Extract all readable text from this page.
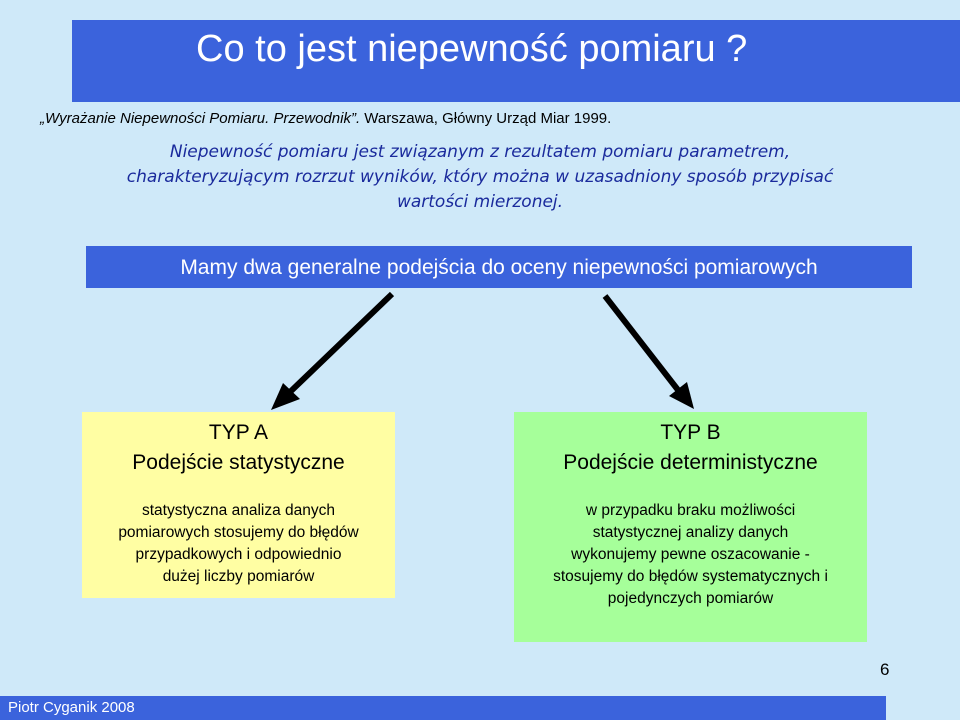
Co to jest niepewność pomiaru ?
„Wyrażanie Niepewności Pomiaru. Przewodnik”. Warszawa, Główny Urząd Miar 1999.
Niepewność pomiaru jest związanym z rezultatem pomiaru parametrem,
charakteryzującym rozrzut wyników, który można w uzasadniony sposób przypisać
wartości mierzonej.
Mamy dwa generalne podejścia do oceny niepewności pomiarowych
TYP A
Podejście statystyczne
statystyczna analiza danych
pomiarowych stosujemy do błędów
przypadkowych i odpowiednio
dużej liczby pomiarów
TYP B
Podejście deterministyczne
w przypadku braku możliwości
statystycznej analizy danych
wykonujemy pewne oszacowanie -
stosujemy do błędów systematycznych i
pojedynczych pomiarów
6
Piotr Cyganik 2008
